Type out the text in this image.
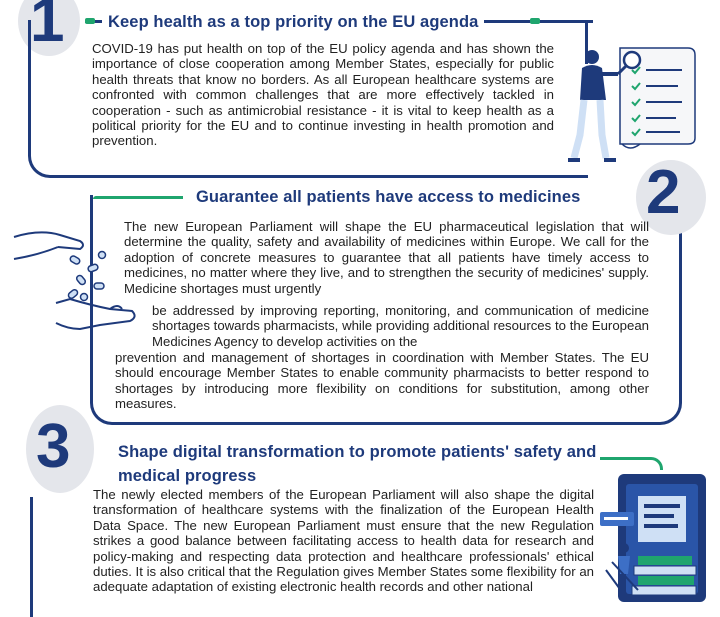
1	Keep health as a top priority on the EU agenda
COVID-19 has put health on top of the EU policy agenda and has shown the importance of close cooperation among Member States, especially for public health threats that know no borders. As all European healthcare systems are confronted with common challenges that are more effectively tackled in cooperation - such as antimicrobial resistance - it is vital to keep health as a political priority for the EU and to continue investing in health promotion and prevention.
Guarantee all patients have access to medicines 2
The new European Parliament will shape the EU pharmaceutical legislation that will determine the quality, safety and availability of medicines within Europe. We call for the adoption of concrete measures to guarantee that all patients have timely access to medicines, no matter where they live, and to strengthen the security of medicines' supply. Medicine shortages must urgently
be addressed by improving reporting, monitoring, and communication of medicine shortages towards pharmacists, while providing additional resources to the European Medicines Agency to develop activities on the
prevention and management of shortages in coordination with Member States. The EU should encourage Member States to enable community pharmacists to better respond to shortages by introducing more flexibility on conditions for substitution, among other measures.
3	Shape digital transformation to promote patients' safety and medical progress
The newly elected members of the European Parliament will also shape the digital transformation of healthcare systems with the finalization of the European Health Data Space. The new European Parliament must ensure that the new Regulation strikes a good balance between facilitating access to health data for research and policy-making and respecting data protection and healthcare professionals' ethical duties. It is also critical that the Regulation gives Member States some flexibility for an adequate adaptation of existing electronic health records and other national
